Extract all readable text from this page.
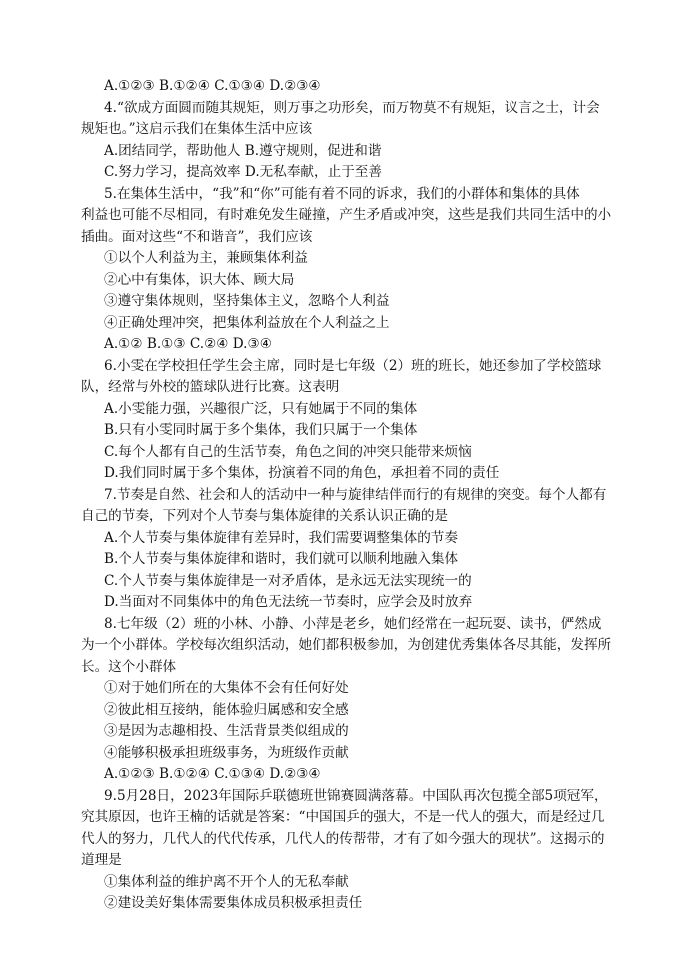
A.①②③ B.①②④ C.①③④ D.②③④
4.“欲成方面圆而随其规矩，则万事之功形矣，而万物莫不有规矩，议言之士，计会
规矩也。”这启示我们在集体生活中应该
A.团结同学，帮助他人 B.遵守规则，促进和谐
C.努力学习，提高效率 D.无私奉献，止于至善
5.在集体生活中，“我”和“你”可能有着不同的诉求，我们的小群体和集体的具体
利益也可能不尽相同，有时难免发生碰撞，产生矛盾或冲突，这些是我们共同生活中的小
插曲。面对这些“不和谐音”，我们应该
①以个人利益为主，兼顾集体利益
②心中有集体，识大体、顾大局
③遵守集体规则，坚持集体主义，忽略个人利益
④正确处理冲突，把集体利益放在个人利益之上
A.①② B.①③ C.②④ D.③④
6.小雯在学校担任学生会主席，同时是七年级（2）班的班长，她还参加了学校篮球
队，经常与外校的篮球队进行比赛。这表明
A.小雯能力强，兴趣很广泛，只有她属于不同的集体
B.只有小雯同时属于多个集体，我们只属于一个集体
C.每个人都有自己的生活节奏，角色之间的冲突只能带来烦恼
D.我们同时属于多个集体，扮演着不同的角色，承担着不同的责任
7.节奏是自然、社会和人的活动中一种与旋律结伴而行的有规律的突变。每个人都有
自己的节奏，下列对个人节奏与集体旋律的关系认识正确的是
A.个人节奏与集体旋律有差异时，我们需要调整集体的节奏
B.个人节奏与集体旋律和谐时，我们就可以顺利地融入集体
C.个人节奏与集体旋律是一对矛盾体，是永远无法实现统一的
D.当面对不同集体中的角色无法统一节奏时，应学会及时放弃
8.七年级（2）班的小林、小静、小萍是老乡，她们经常在一起玩耍、读书，俨然成
为一个小群体。学校每次组织活动，她们都积极参加，为创建优秀集体各尽其能，发挥所
长。这个小群体
①对于她们所在的大集体不会有任何好处
②彼此相互接纳，能体验归属感和安全感
③是因为志趣相投、生活背景类似组成的
④能够积极承担班级事务，为班级作贡献
A.①②③ B.①②④ C.①③④ D.②③④
9.5月28日，2023年国际乒联德班世锦赛圆满落幕。中国队再次包揽全部5项冠军，
究其原因，也许王楠的话就是答案：“中国国乒的强大，不是一代人的强大，而是经过几
代人的努力，几代人的代代传承，几代人的传帮带，才有了如今强大的现状”。这揭示的
道理是
①集体利益的维护离不开个人的无私奉献
②建设美好集体需要集体成员积极承担责任
